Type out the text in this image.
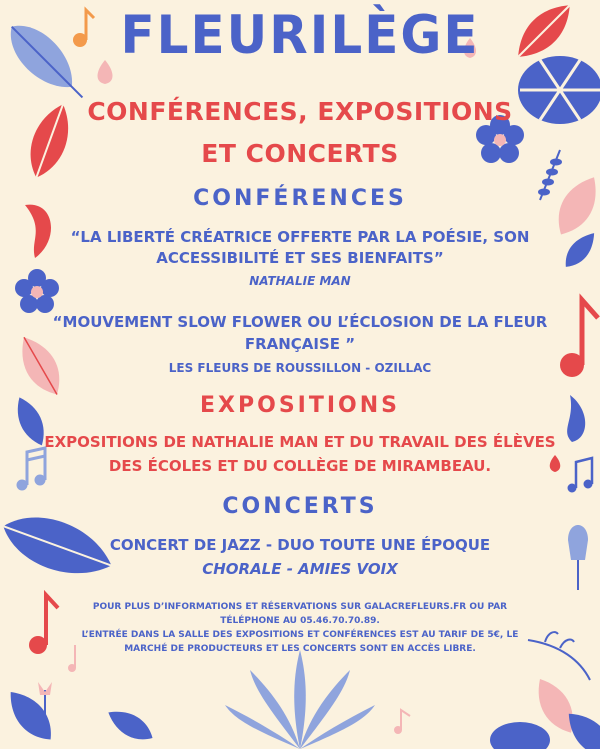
FLEURILÈGE
CONFÉRENCES, EXPOSITIONS
ET CONCERTS
CONFÉRENCES
“LA LIBERTÉ CRÉATRICE OFFERTE PAR LA POÉSIE, SON
ACCESSIBILITÉ ET SES BIENFAITS”
NATHALIE MAN
“MOUVEMENT SLOW FLOWER OU L’ÉCLOSION DE LA FLEUR
FRANÇAISE ”
LES FLEURS DE ROUSSILLON - OZILLAC
EXPOSITIONS
EXPOSITIONS DE NATHALIE MAN ET DU TRAVAIL DES ÉLÈVES
DES ÉCOLES ET DU COLLÈGE DE MIRAMBEAU.
CONCERTS
CONCERT DE JAZZ - DUO TOUTE UNE ÉPOQUE
CHORALE - AMIES VOIX
POUR PLUS D’INFORMATIONS ET RÉSERVATIONS SUR GALACREFLEURS.FR OU PAR
TÉLÉPHONE AU 05.46.70.70.89.
L’ENTRÉE DANS LA SALLE DES EXPOSITIONS ET CONFÉRENCES EST AU TARIF DE 5€, LE
MARCHÉ DE PRODUCTEURS ET LES CONCERTS SONT EN ACCÈS LIBRE.
